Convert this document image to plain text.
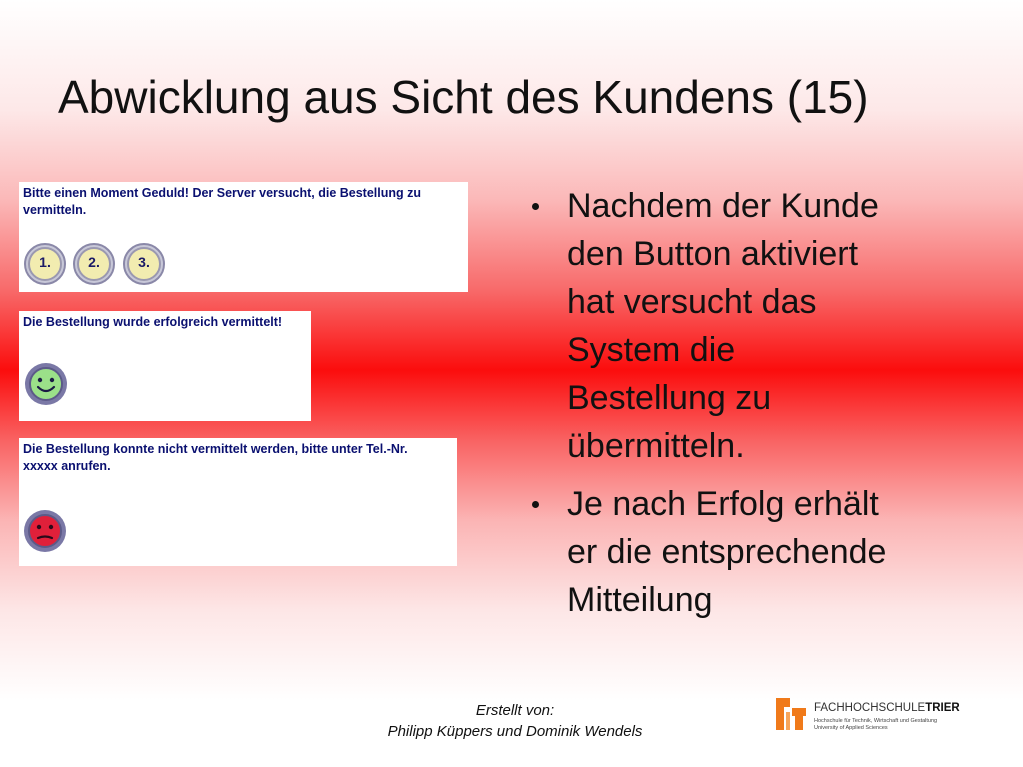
Abwicklung aus Sicht des Kundens (15)
Bitte einen Moment Geduld! Der Server versucht, die Bestellung zu
vermitteln.
1.	2.	3.
Die Bestellung wurde erfolgreich vermittelt!
Die Bestellung konnte nicht vermittelt werden, bitte unter Tel.-Nr.
xxxxx anrufen.
Nachdem der Kunde
den Button aktiviert
hat versucht das
System die
Bestellung zu
übermitteln.
Je nach Erfolg erhält
er die entsprechende
Mitteilung
Erstellt von:
Philipp Küppers und Dominik Wendels
FACHHOCHSCHULETRIER
Hochschule für Technik, Wirtschaft und Gestaltung
University of Applied Sciences
